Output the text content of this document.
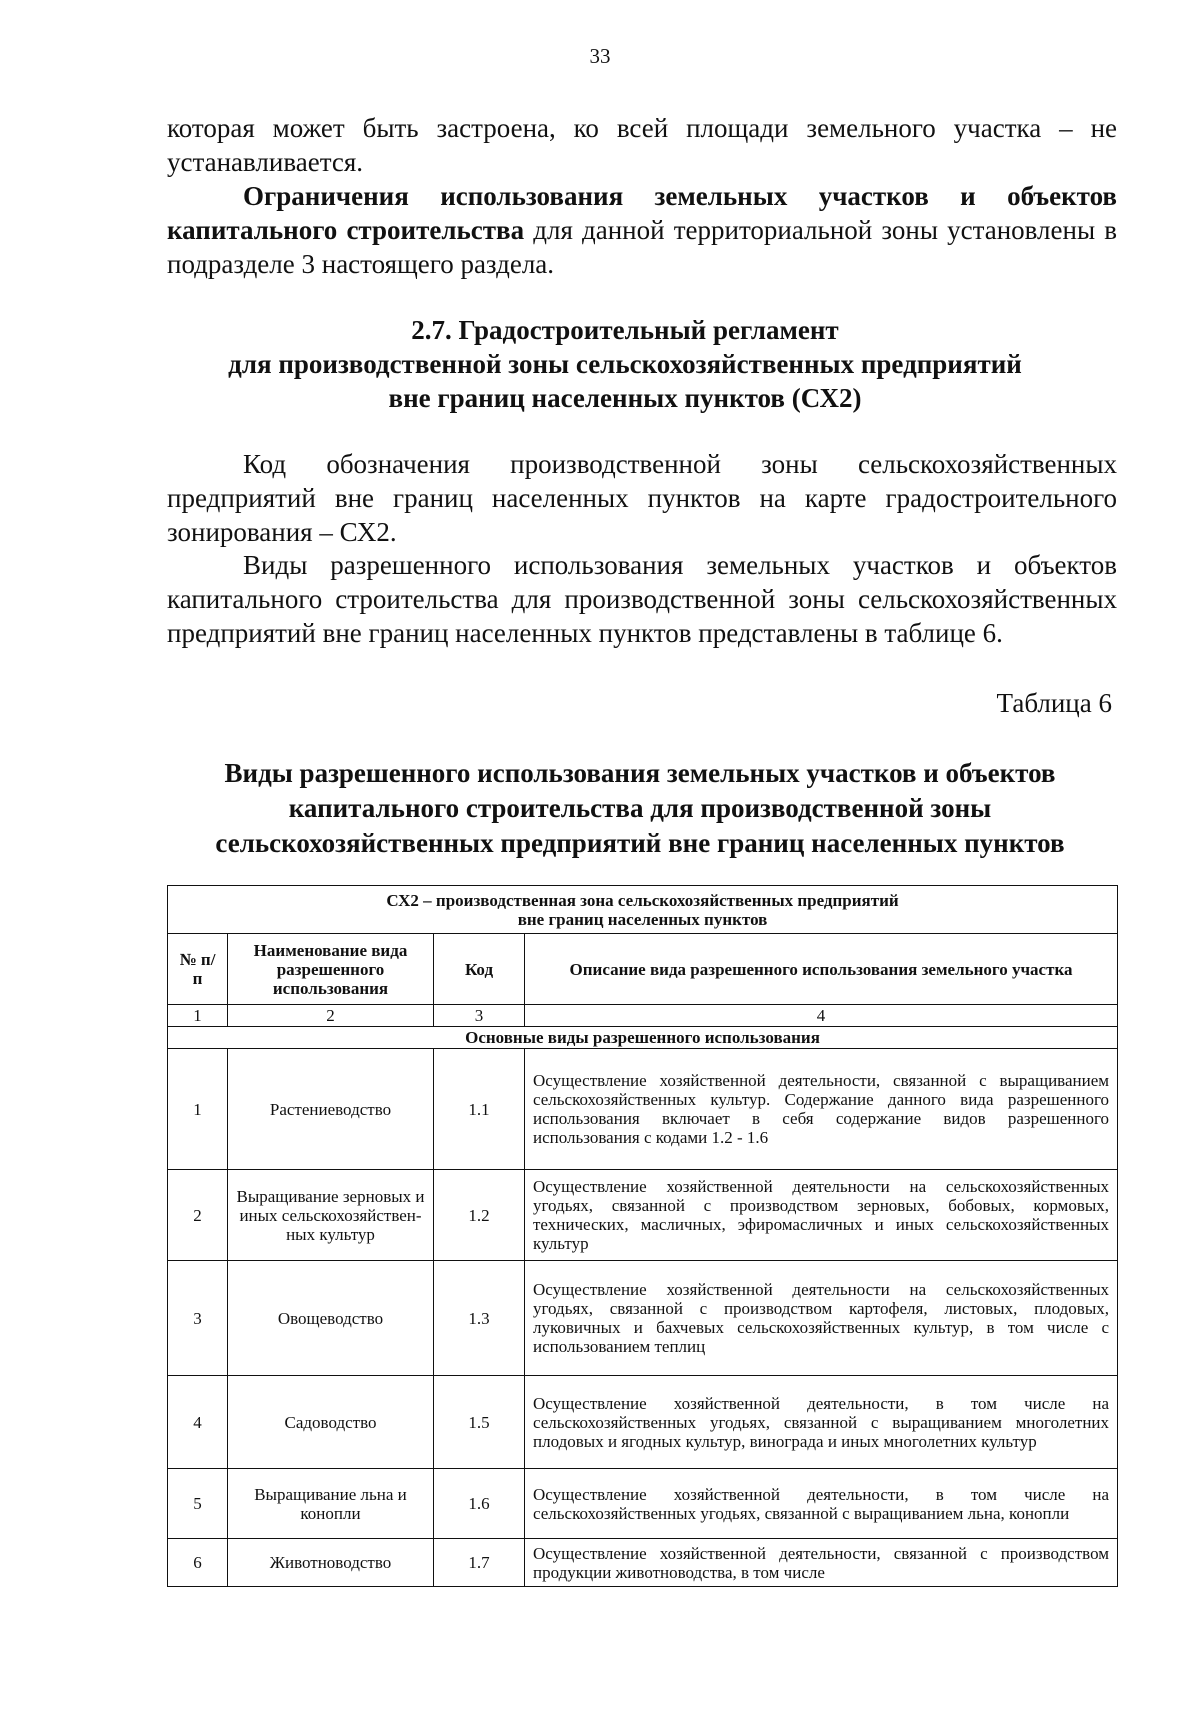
33

которая может быть застроена, ко всей площади земельного участка – не устанавливается.

Ограничения использования земельных участков и объектов капитального строительства для данной территориальной зоны установлены в подразделе 3 настоящего раздела.

2.7. Градостроительный регламент
для производственной зоны сельскохозяйственных предприятий
вне границ населенных пунктов (СХ2)

Код обозначения производственной зоны сельскохозяйственных предприятий вне границ населенных пунктов на карте градостроительного зонирования – СХ2.

Виды разрешенного использования земельных участков и объектов капитального строительства для производственной зоны сельскохозяйственных предприятий вне границ населенных пунктов представлены в таблице 6.

Таблица 6
Виды разрешенного использования земельных участков и объектов
капитального строительства для производственной зоны
сельскохозяйственных предприятий вне границ населенных пунктов
СХ2 – производственная зона сельскохозяйственных предприятий
вне границ населенных пунктов			

№ п/п	Наименование вида разрешенного использования	Код	Описание вида разрешенного использования земельного участка
1	2	3	4
Основные виды разрешенного использования			
1	Растениеводство	1.1	Осуществление хозяйственной деятельности, связанной с выращиванием сельскохозяйственных культур. Содержание данного вида разрешенного использования включает в себя содержание видов разрешенного использования с кодами 1.2 - 1.6
2	Выращивание зерновых и иных сельскохозяйствен-ных культур	1.2	Осуществление хозяйственной деятельности на сельскохозяйственных угодьях, связанной с производством зерновых, бобовых, кормовых, технических, масличных, эфиромасличных и иных сельскохозяйственных культур
3	Овощеводство	1.3	Осуществление хозяйственной деятельности на сельскохозяйственных угодьях, связанной с производством картофеля, листовых, плодовых, луковичных и бахчевых сельскохозяйственных культур, в том числе с использованием теплиц
4	Садоводство	1.5	Осуществление хозяйственной деятельности, в том числе на сельскохозяйственных угодьях, связанной с выращиванием многолетних плодовых и ягодных культур, винограда и иных многолетних культур
5	Выращивание льна и конопли	1.6	Осуществление хозяйственной деятельности, в том числе на сельскохозяйственных угодьях, связанной с выращиванием льна, конопли
6	Животноводство	1.7	Осуществление хозяйственной деятельности, связанной с производством продукции животноводства, в том числе
